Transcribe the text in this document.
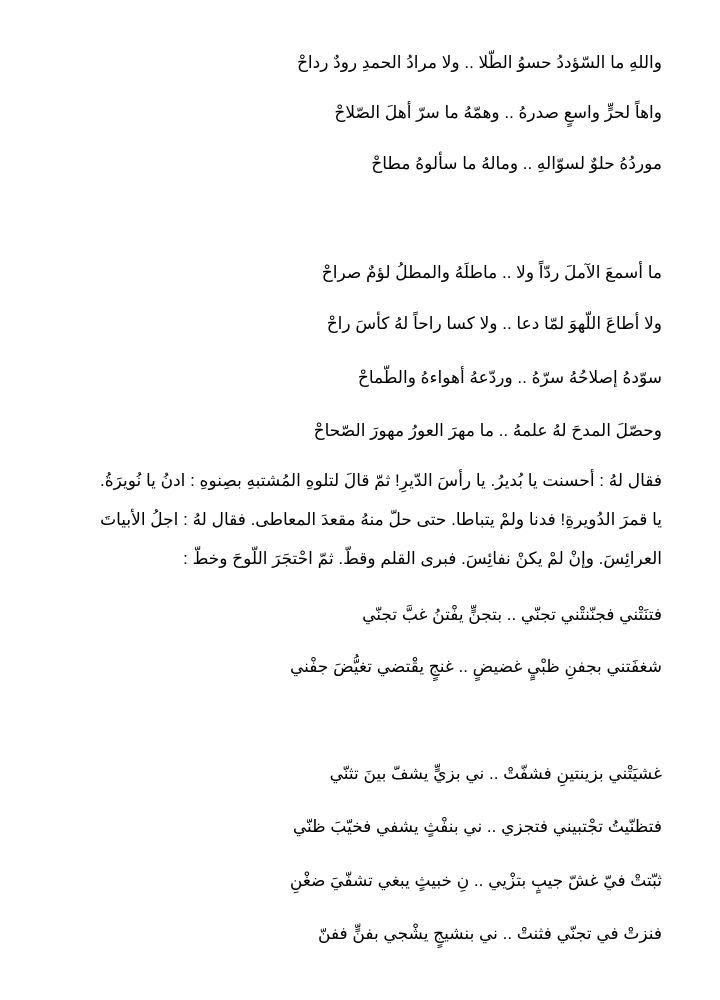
واللهِ ما السّؤددُ حسوُ الطّلا .. ولا مرادُ الحمدِ رودٌ رداحْ
واهاً لحرٍّ واسعٍ صدرهُ .. وهمّهُ ما سرّ أهلَ الصّلاحْ
موردُهُ حلوٌ لسوّالهِ .. ومالهُ ما سألوهُ مطاحْ
ما أسمعَ الآملَ ردّاً ولا .. ماطلَهُ والمطلُ لؤمٌ صراحْ
ولا أطاعَ اللّهوَ لمّا دعا .. ولا كسا راحاً لهُ كأسَ راحْ
سوّدهُ إصلاحُهُ سرّهُ .. وردّعهُ أهواءهُ والطّماحْ
وحصّلَ المدحَ لهُ علمهُ .. ما مهرَ العورُ مهورَ الصّحاحْ
فقال لهُ : أحسنت يا بُديرُ. يا رأسَ الدّيرِ! ثمّ قالَ لتلوهِ المُشتبهِ بصِنوهِ : ادنُ يا نُويرَةُ.
يا قمرَ الدُويرةِ! فدنا ولمْ يتباطا. حتى حلّ منهُ مقعدَ المعاطى. فقال لهُ : اجلُ الأبياتَ
العرائِسَ. وإنْ لمْ يكنْ نفائِسَ. فبرى القلم وقطّ. ثمّ احْتجَرَ اللّوحَ وخطّ :
فتنَتْني فجنّنتْني تجنّي .. بتجنٍّ يفْتنُ غبَّ تجنّي
شغفَتني بجفنِ ظبْيٍ غضيضٍ .. غنجٍ يقْتضي تغيُّضَ جفْني
غشيَتْني بزينتينِ فشفّتْ .. ني بزيٍّ يشفّ بينَ تثنّي
فتظنّيتُ تجْتبيني فتجزي .. ني بنفْثٍ يشفي فخيّبَ ظنّي
ثبّتتْ فيّ غشّ جيبٍ بتزْيي .. نِ خبيثٍ يبغي تشفّيَ ضغْنِ
فنزتْ في تجنّي فثنتْ .. ني بنشيجٍ يشْجي بفنٍّ ففنّ
